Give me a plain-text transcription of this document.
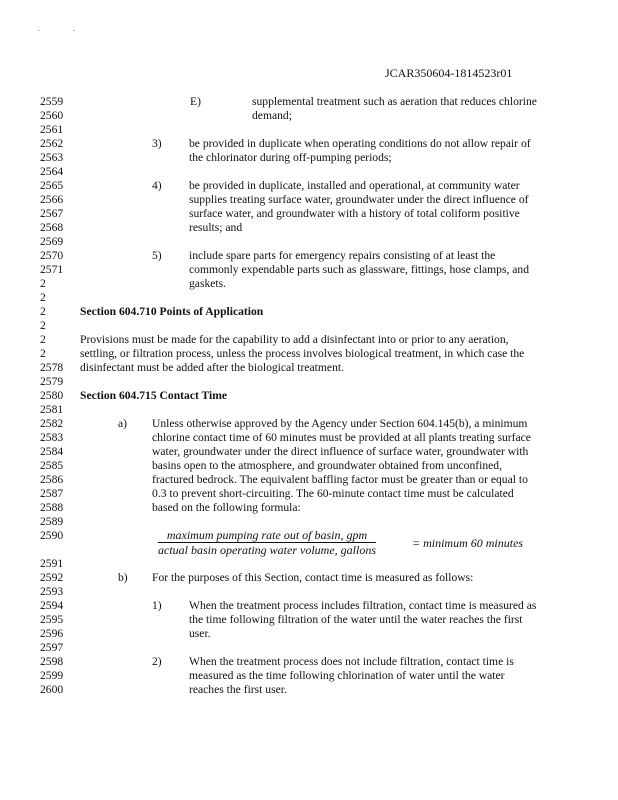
JCAR350604-1814523r01
2559	E)	supplemental treatment such as aeration that reduces chlorine
2560	demand;
2561
2562	3) be provided in duplicate when operating conditions do not allow repair of
2563	the chlorinator during off-pumping periods;
2564
2565	4) be provided in duplicate, installed and operational, at community water
2566	supplies treating surface water, groundwater under the direct influence of
2567	surface water, and groundwater with a history of total coliform positive
2568	results; and
2569
2570	5) include spare parts for emergency repairs consisting of at least the
2571	commonly expendable parts such as glassware, fittings, hose clamps, and
2	gaskets.
2
2	Section 604.710 Points of Application
2
2	Provisions must be made for the capability to add a disinfectant into or prior to any aeration,
2	settling, or filtration process, unless the process involves biological treatment, in which case the
2578 disinfectant must be added after the biological treatment.
2579
2580 Section 604.715 Contact Time
2581
2582	a) Unless otherwise approved by the Agency under Section 604.145(b), a minimum
2583	chlorine contact time of 60 minutes must be provided at all plants treating surface
2584	water, groundwater under the direct influence of surface water, groundwater with
2585	basins open to the atmosphere, and groundwater obtained from unconfined,
2586	fractured bedrock. The equivalent baffling factor must be greater than or equal to
2587	0.3 to prevent short-circuiting. The 60-minute contact time must be calculated
2588	based on the following formula:
2589
2590	maximum pumping rate out of basin, gpm
actual basin operating water volume, gallons	= minimum 60 minutes
2591
2592	b) For the purposes of this Section, contact time is measured as follows:
2593
2594	1) When the treatment process includes filtration, contact time is measured as
2595	the time following filtration of the water until the water reaches the first
2596	user.
2597
2598	2) When the treatment process does not include filtration, contact time is
2599	measured as the time following chlorination of water until the water
2600	reaches the first user.
